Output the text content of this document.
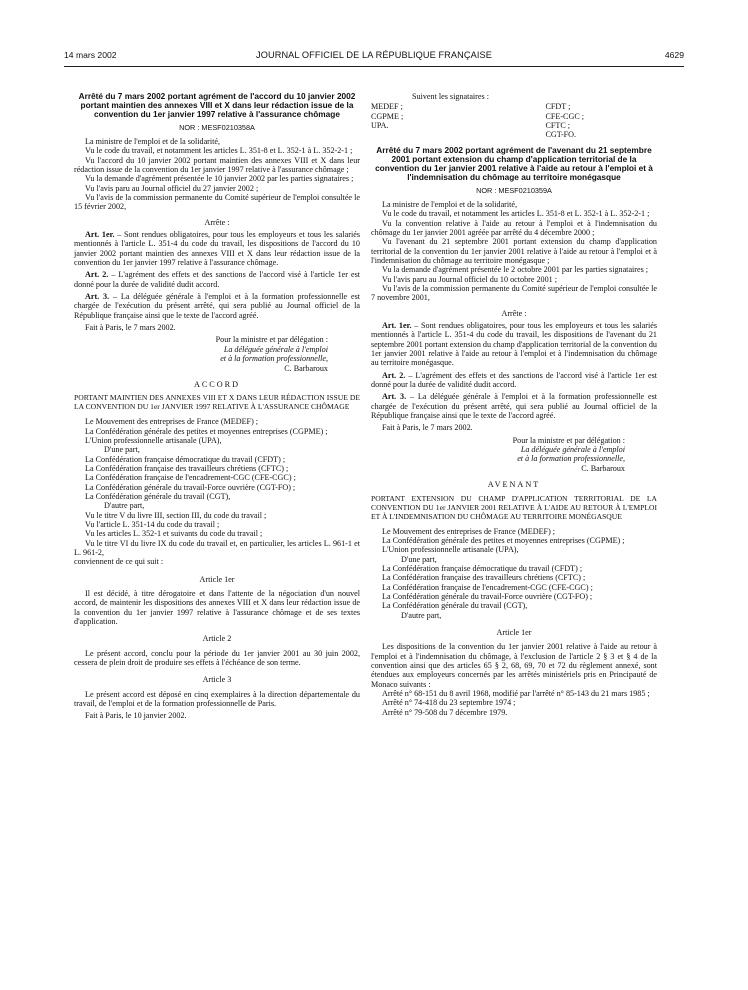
14 mars 2002	JOURNAL OFFICIEL DE LA RÉPUBLIQUE FRANÇAISE	4629
Arrêté du 7 mars 2002 portant agrément de l'accord du 10 janvier 2002 portant maintien des annexes VIII et X dans leur rédaction issue de la convention du 1er janvier 1997 relative à l'assurance chômage
NOR : MESF0210358A

La ministre de l'emploi et de la solidarité,

Vu le code du travail, et notamment les articles L. 351-8 et L. 352-1 à L. 352-2-1 ;

Vu l'accord du 10 janvier 2002 portant maintien des annexes VIII et X dans leur rédaction issue de la convention du 1er janvier 1997 relative à l'assurance chômage ;

Vu la demande d'agrément présentée le 10 janvier 2002 par les parties signataires ;

Vu l'avis paru au Journal officiel du 27 janvier 2002 ;

Vu l'avis de la commission permanente du Comité supérieur de l'emploi consultée le 15 février 2002,

Arrête :

Art. 1er. – Sont rendues obligatoires, pour tous les employeurs et tous les salariés mentionnés à l'article L. 351-4 du code du travail, les dispositions de l'accord du 10 janvier 2002 portant maintien des annexes VIII et X dans leur rédaction issue de la convention du 1er janvier 1997 relative à l'assurance chômage.

Art. 2. – L'agrément des effets et des sanctions de l'accord visé à l'article 1er est donné pour la durée de validité dudit accord.

Art. 3. – La déléguée générale à l'emploi et à la formation professionnelle est chargée de l'exécution du présent arrêté, qui sera publié au Journal officiel de la République française ainsi que le texte de l'accord agréé.

Fait à Paris, le 7 mars 2002.

Pour la ministre et par délégation :
La déléguée générale à l'emploi
et à la formation professionnelle,
C. Barbaroux
ACCORD

PORTANT MAINTIEN DES ANNEXES VIII ET X DANS LEUR RÉDACTION ISSUE DE LA CONVENTION DU 1er JANVIER 1997 RELATIVE À L'ASSURANCE CHÔMAGE

Le Mouvement des entreprises de France (MEDEF) ;

La Confédération générale des petites et moyennes entreprises (CGPME) ;

L'Union professionnelle artisanale (UPA),

D'une part,

La Confédération française démocratique du travail (CFDT) ;

La Confédération française des travailleurs chrétiens (CFTC) ;

La Confédération française de l'encadrement-CGC (CFE-CGC) ;

La Confédération générale du travail-Force ouvrière (CGT-FO) ;

La Confédération générale du travail (CGT),

D'autre part,

Vu le titre V du livre III, section III, du code du travail ;

Vu l'article L. 351-14 du code du travail ;

Vu les articles L. 352-1 et suivants du code du travail ;

Vu le titre VI du livre IX du code du travail et, en particulier, les articles L. 961-1 et L. 961-2,

conviennent de ce qui suit :

Article 1er

Il est décidé, à titre dérogatoire et dans l'attente de la négociation d'un nouvel accord, de maintenir les dispositions des annexes VIII et X dans leur rédaction issue de la convention du 1er janvier 1997 relative à l'assurance chômage et de ses textes d'application.

Article 2

Le présent accord, conclu pour la période du 1er janvier 2001 au 30 juin 2002, cessera de plein droit de produire ses effets à l'échéance de son terme.

Article 3

Le présent accord est déposé en cinq exemplaires à la direction départementale du travail, de l'emploi et de la formation professionnelle de Paris.

Fait à Paris, le 10 janvier 2002.

Suivent les signataires :

MEDEF ;	CFDT ;
CGPME ;	CFE-CGC ;
UPA.	CFTC ;
	CGT-FO.
Arrêté du 7 mars 2002 portant agrément de l'avenant du 21 septembre 2001 portant extension du champ d'application territorial de la convention du 1er janvier 2001 relative à l'aide au retour à l'emploi et à l'indemnisation du chômage au territoire monégasque
NOR : MESF0210359A

La ministre de l'emploi et de la solidarité,

Vu le code du travail, et notamment les articles L. 351-8 et L. 352-1 à L. 352-2-1 ;

Vu la convention relative à l'aide au retour à l'emploi et à l'indemnisation du chômage du 1er janvier 2001 agréée par arrêté du 4 décembre 2000 ;

Vu l'avenant du 21 septembre 2001 portant extension du champ d'application territorial de la convention du 1er janvier 2001 relative à l'aide au retour à l'emploi et à l'indemnisation du chômage au territoire monégasque ;

Vu la demande d'agrément présentée le 2 octobre 2001 par les parties signataires ;

Vu l'avis paru au Journal officiel du 10 octobre 2001 ;

Vu l'avis de la commission permanente du Comité supérieur de l'emploi consultée le 7 novembre 2001,

Arrête :

Art. 1er. – Sont rendues obligatoires, pour tous les employeurs et tous les salariés mentionnés à l'article L. 351-4 du code du travail, les dispositions de l'avenant du 21 septembre 2001 portant extension du champ d'application territorial de la convention du 1er janvier 2001 relative à l'aide au retour à l'emploi et à l'indemnisation du chômage au territoire monégasque.

Art. 2. – L'agrément des effets et des sanctions de l'accord visé à l'article 1er est donné pour la durée de validité dudit accord.

Art. 3. – La déléguée générale à l'emploi et à la formation professionnelle est chargée de l'exécution du présent arrêté, qui sera publié au Journal officiel de la République française ainsi que le texte de l'accord agréé.

Fait à Paris, le 7 mars 2002.

Pour la ministre et par délégation :
La déléguée générale à l'emploi
et à la formation professionnelle,
C. Barbaroux
AVENANT

PORTANT EXTENSION DU CHAMP D'APPLICATION TERRITORIAL DE LA CONVENTION DU 1er JANVIER 2001 RELATIVE À L'AIDE AU RETOUR À L'EMPLOI ET À L'INDEMNISATION DU CHÔMAGE AU TERRITOIRE MONÉGASQUE

Le Mouvement des entreprises de France (MEDEF) ;

La Confédération générale des petites et moyennes entreprises (CGPME) ;

L'Union professionnelle artisanale (UPA),

D'une part,

La Confédération française démocratique du travail (CFDT) ;

La Confédération française des travailleurs chrétiens (CFTC) ;

La Confédération française de l'encadrement-CGC (CFE-CGC) ;

La Confédération générale du travail-Force ouvrière (CGT-FO) ;

La Confédération générale du travail (CGT),

D'autre part,

Article 1er

Les dispositions de la convention du 1er janvier 2001 relative à l'aide au retour à l'emploi et à l'indemnisation du chômage, à l'exclusion de l'article 2 § 3 et § 4 de la convention ainsi que des articles 65 § 2, 68, 69, 70 et 72 du règlement annexé, sont étendues aux employeurs concernés par les arrêtés ministériels pris en Principauté de Monaco suivants :

Arrêté n° 68-151 du 8 avril 1968, modifié par l'arrêté n° 85-143 du 21 mars 1985 ;

Arrêté n° 74-418 du 23 septembre 1974 ;

Arrêté n° 79-508 du 7 décembre 1979.
